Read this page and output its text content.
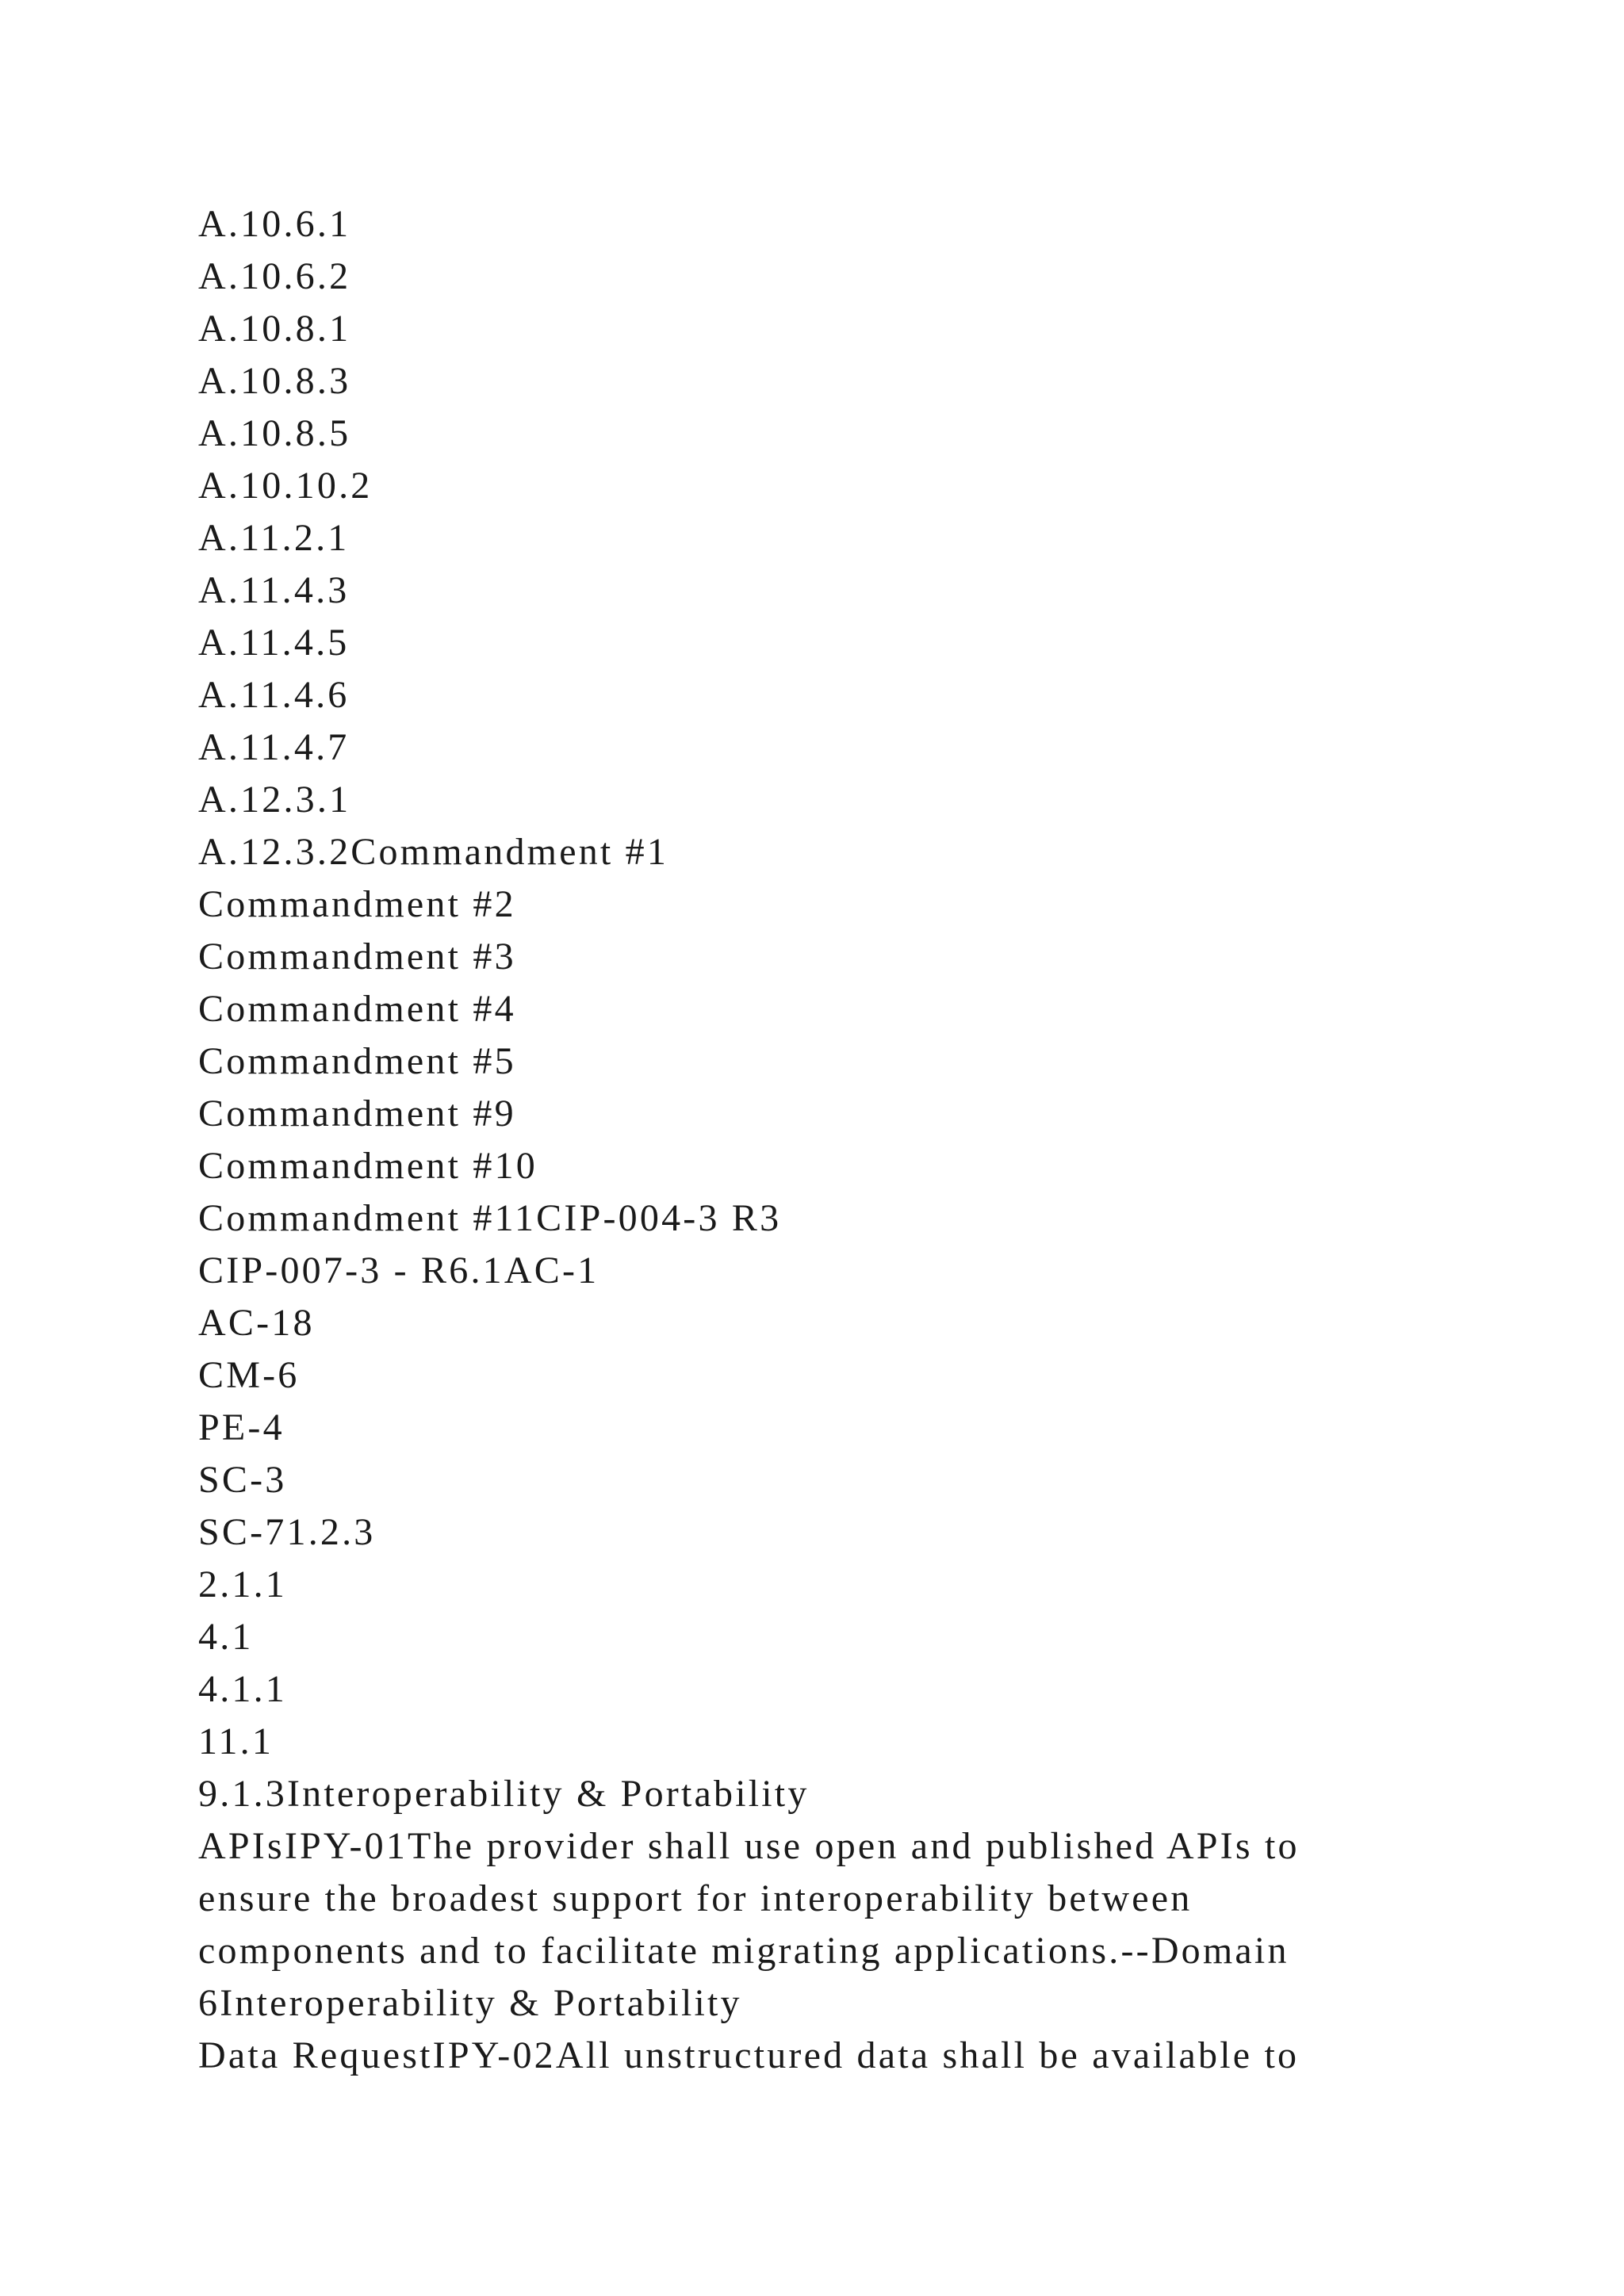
A.10.6.1
A.10.6.2
A.10.8.1
A.10.8.3
A.10.8.5
A.10.10.2
A.11.2.1
A.11.4.3
A.11.4.5
A.11.4.6
A.11.4.7
A.12.3.1
A.12.3.2Commandment #1
Commandment #2
Commandment #3
Commandment #4
Commandment #5
Commandment #9
Commandment #10
Commandment #11CIP-004-3 R3
CIP-007-3 - R6.1AC-1
AC-18
CM-6
PE-4
SC-3
SC-71.2.3
2.1.1
4.1
4.1.1
11.1
9.1.3Interoperability & Portability
APIsIPY-01The provider shall use open and published APIs to
ensure the broadest support for interoperability between
components and to facilitate migrating applications.--Domain
6Interoperability & Portability
Data RequestIPY-02All unstructured data shall be available to
